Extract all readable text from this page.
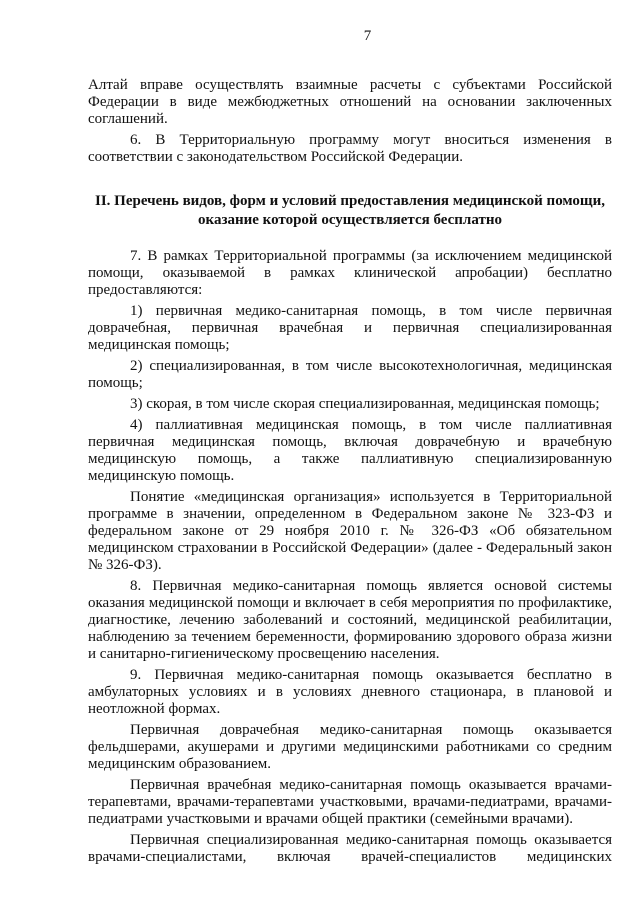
7

Алтай вправе осуществлять взаимные расчеты с субъектами Российской Федерации в виде межбюджетных отношений на основании заключенных соглашений.

6. В Территориальную программу могут вноситься изменения в соответствии с законодательством Российской Федерации.

II. Перечень видов, форм и условий предоставления медицинской помощи,
оказание которой осуществляется бесплатно

7. В рамках Территориальной программы (за исключением медицинской помощи, оказываемой в рамках клинической апробации) бесплатно предоставляются:

1) первичная медико-санитарная помощь, в том числе первичная доврачебная, первичная врачебная и первичная специализированная медицинская помощь;

2) специализированная, в том числе высокотехнологичная, медицинская помощь;

3) скорая, в том числе скорая специализированная, медицинская помощь;

4) паллиативная медицинская помощь, в том числе паллиативная первичная медицинская помощь, включая доврачебную и врачебную медицинскую помощь, а также паллиативную специализированную медицинскую помощь.

Понятие «медицинская организация» используется в Территориальной программе в значении, определенном в Федеральном законе № 323-ФЗ и федеральном законе от 29 ноября 2010 г. № 326-ФЗ «Об обязательном медицинском страховании в Российской Федерации» (далее - Федеральный закон № 326-ФЗ).

8. Первичная медико-санитарная помощь является основой системы оказания медицинской помощи и включает в себя мероприятия по профилактике, диагностике, лечению заболеваний и состояний, медицинской реабилитации, наблюдению за течением беременности, формированию здорового образа жизни и санитарно-гигиеническому просвещению населения.

9. Первичная медико-санитарная помощь оказывается бесплатно в амбулаторных условиях и в условиях дневного стационара, в плановой и неотложной формах.

Первичная доврачебная медико-санитарная помощь оказывается фельдшерами, акушерами и другими медицинскими работниками со средним медицинским образованием.

Первичная врачебная медико-санитарная помощь оказывается врачами-терапевтами, врачами-терапевтами участковыми, врачами-педиатрами, врачами-педиатрами участковыми и врачами общей практики (семейными врачами).

Первичная специализированная медико-санитарная помощь оказывается врачами-специалистами, включая врачей-специалистов медицинских
